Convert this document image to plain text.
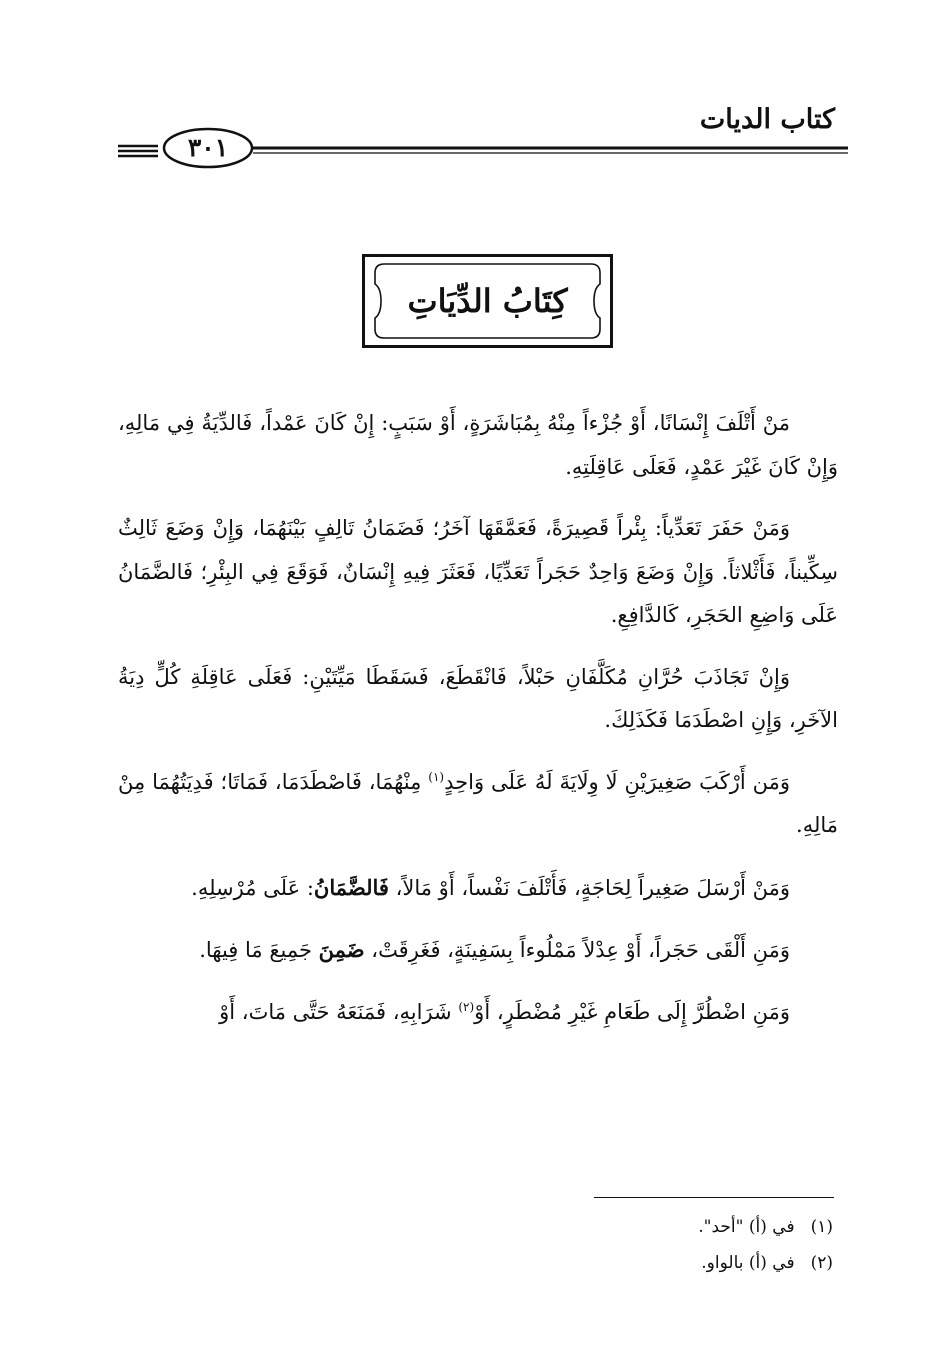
كتاب الديات
٣٠١
كِتَابُ الدِّيَاتِ

مَنْ أَتْلَفَ إِنْسَانًا، أَوْ جُزْءاً مِنْهُ بِمُبَاشَرَةٍ، أَوْ سَبَبٍ: إِنْ كَانَ عَمْداً، فَالدِّيَةُ فِي مَالِهِ، وَإِنْ كَانَ غَيْرَ عَمْدٍ، فَعَلَى عَاقِلَتِهِ.

وَمَنْ حَفَرَ تَعَدِّياً: بِئْراً قَصِيرَةً، فَعَمَّقَهَا آخَرُ؛ فَضَمَانُ تَالِفٍ بَيْنَهُمَا، وَإِنْ وَضَعَ ثَالِثٌ سِكِّيناً، فَأَثْلاثاً. وَإِنْ وَضَعَ وَاحِدٌ حَجَراً تَعَدِّيًا، فَعَثَرَ فِيهِ إِنْسَانٌ، فَوَقَعَ فِي البِئْرِ؛ فَالضَّمَانُ عَلَى وَاضِعِ الحَجَرِ، كَالدَّافِعِ.

وَإِنْ تَجَاذَبَ حُرَّانِ مُكَلَّفَانِ حَبْلاً، فَانْقَطَعَ، فَسَقَطَا مَيِّتَيْنِ: فَعَلَى عَاقِلَةِ كُلٍّ دِيَةُ الآخَرِ، وَإِنِ اصْطَدَمَا فَكَذَلِكَ.

وَمَن أَرْكَبَ صَغِيرَيْنِ لَا وِلَايَةَ لَهُ عَلَى وَاحِدٍ$^{(١)}$ مِنْهُمَا، فَاصْطَدَمَا، فَمَاتَا؛ فَدِيَتُهُمَا مِنْ مَالِهِ.

وَمَنْ أَرْسَلَ صَغِيراً لِحَاجَةٍ، فَأَتْلَفَ نَفْساً، أَوْ مَالاً، فَالضَّمَانُ: عَلَى مُرْسِلِهِ.

وَمَنِ أَلْقَى حَجَراً، أَوْ عِدْلاً مَمْلُوءاً بِسَفِينَةٍ، فَغَرِقَتْ، ضَمِنَ جَمِيعَ مَا فِيهَا.

وَمَنِ اضْطُرَّ إِلَى طَعَامِ غَيْرِ مُضْطَرٍ، أَوْ$^{(٢)}$ شَرَابِهِ، فَمَنَعَهُ حَتَّى مَاتَ، أَوْ

(١)في (أ) "أحد".
(٢)في (أ) بالواو.
